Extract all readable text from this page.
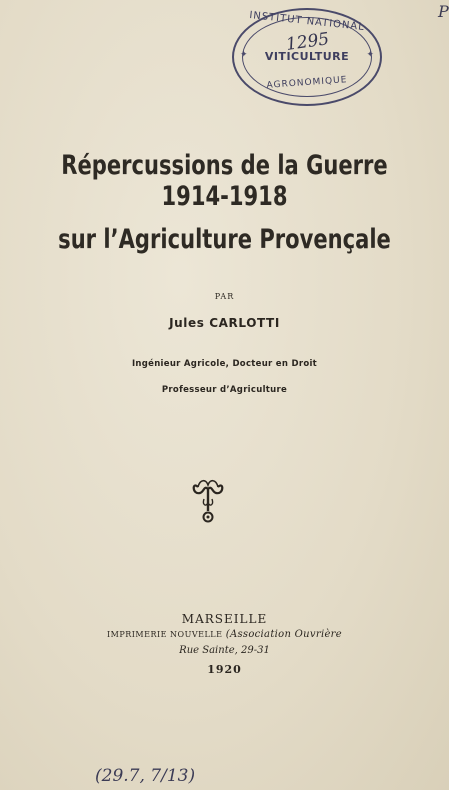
P
INSTITUT NATIONAL
1295
VITICULTURE
AGRONOMIQUE
✦	✦
Répercussions de la Guerre 1914-1918
sur l’Agriculture Provençale
PAR
Jules CARLOTTI
Ingénieur Agricole, Docteur en Droit
Professeur d’Agriculture
MARSEILLE
IMPRIMERIE NOUVELLE (Association Ouvrière
Rue Sainte, 29-31
1920
(29.7, 7/13)
